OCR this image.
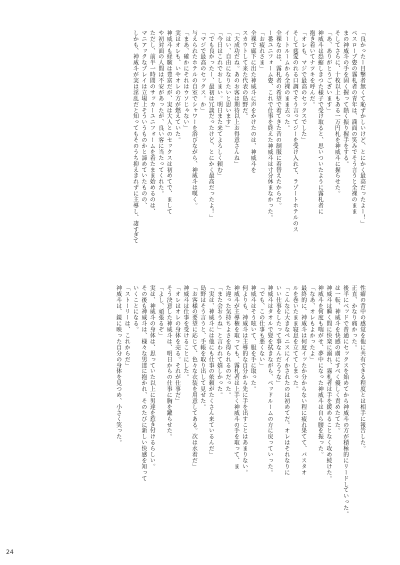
「良かったー目撃者無くて恥ずかしいけど、とにかく最高だったよー！」
ベスローブ姿の霧札者の青年は、満面の笑みでそう言うと全裸のまま
まの神威斗の手を固く握って熱く振り握手をする。
そしてさらに、十枚以上もある一万円札を神威斗に握らせた。
「あ、ありがとうございます」
神威斗は恐縮しきつた様子で受け取ると、思いついたように霧札者に
抱き着いてナツキを呼んだ。
「オレも、マジで最高のセックスでした」
そして慈愛のれる口調でそう言ってジーを受け入れて、ラゾートホテルのス
イートルームから全裸のまま去った。
全裸なのは、霧札者の希望で着てきた昔の制服に着替えたからだ。
ー番ユニフォーム姿、これで仕事を終えた神威斗は寸分休まなかった。
「お疲れさま」
全裸で廊下に出た神威斗に声をかけたのは、神威斗を
スカウトして来た代表の島野だ。
「大成功だね。あのお客は期待以上お得意さんね」
「はい、自由になりたいと思います」
「今日はこれでおしまい。明日また来てよろしく頼む」
「でも良かったー、最初は冗談だったけど、とにかく最高だったよ！」
「マジで最高のセックス。か」
与えられたホテルの自室でシャワーを浴びながら、神威斗は嘆く。
「まあ、確かにそれはウソじゃない」
実はオレも、いやオレの方が燃えていた。
神威斗も経験は豊富だが、実は大人とのセックスは初めてで、まして
や初対面の人間は不安があったが、良い客に当たってくれた。
ただし、前半一時間のサッカーユニフォームを着たまま始めるのは、
マニアックなプレイは立場上そういうものかと諦めていたものの、
しかも、神威斗が実は淫乱だと知ってもそのうち抑えきれずに主導し、凄すぎて
性癖の背中の感覚を他に共有できる程度とは相手に報告した。
正直、かなり痛かった。
後半にベッドで普通にセックスを始めてから神威斗の方が積極的にリードしていった。
は一転、神威斗を快感の虜にすべく優しく責めたてた。
神威斗は瞬く間に快楽に溺れ、霧札者は手を緩めることなく攻め続けた。
神威斗を何度も喘がせ、夢中になった神威斗は自ら腰を振った。
「なあ、オレもよかったよ」
最終的に、神威斗は何度イッたか分からない程に疲れ果てて、バスタオ
ルを巻いたまま寝息を立ててしまった。
「こんなに大きなペニスにイかされたのは初めてだ。オレはそれなりに
いい仕事をしたって事なんだろうな」
神威斗はタオルで髪を拭きながら、ベッドルームの方に戻っていった。
「でも、この仕事も悪くない」
神威斗はそう呟いて、服を手に取った。
何よりも、神威斗は主導的な自分から先に手を出すことはあまりない。
神威斗が主導権を取っても、霧札者は上手く神威斗の手を取って、ま
た違った気持ちよさを得られるのだった。
「また会おうね」と言われて嬉しかった。
「実は、神威斗には他にも仕事の依頼がたくさん来ているんだ」
島野はそう言うと、手帳を取り出して見せた。
「お客様の要望に応じて、色々な衣装を用意してある。次は水着だ」
神威斗は仕事を受けることにした。
「オレはオレの身体を売る。それが仕事だ」
そう決意した神威斗は、明日からの仕事に胸を躍らせた。
「よし、頑張るぞ」
実は、神威斗の身体は、思っていた以上に男達を惹き付けるらしい。
その後も神威斗は、様々な男達に抱かれ、そのたびに新しい快感を知って
いくことになる。
「ストーリーは、これからだ」
神威斗は、鏡に映った自分の身体を見つめ、小さく笑った。
24
